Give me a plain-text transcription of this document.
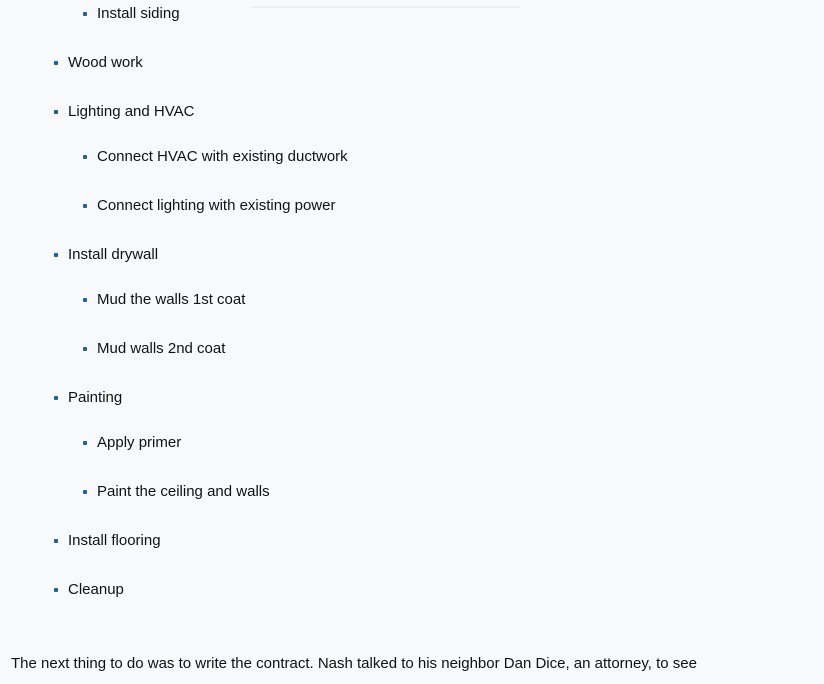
Install siding
Wood work
Lighting and HVAC
Connect HVAC with existing ductwork
Connect lighting with existing power
Install drywall
Mud the walls 1st coat
Mud walls 2nd coat
Painting
Apply primer
Paint the ceiling and walls
Install flooring
Cleanup

The next thing to do was to write the contract. Nash talked to his neighbor Dan Dice, an attorney, to see
